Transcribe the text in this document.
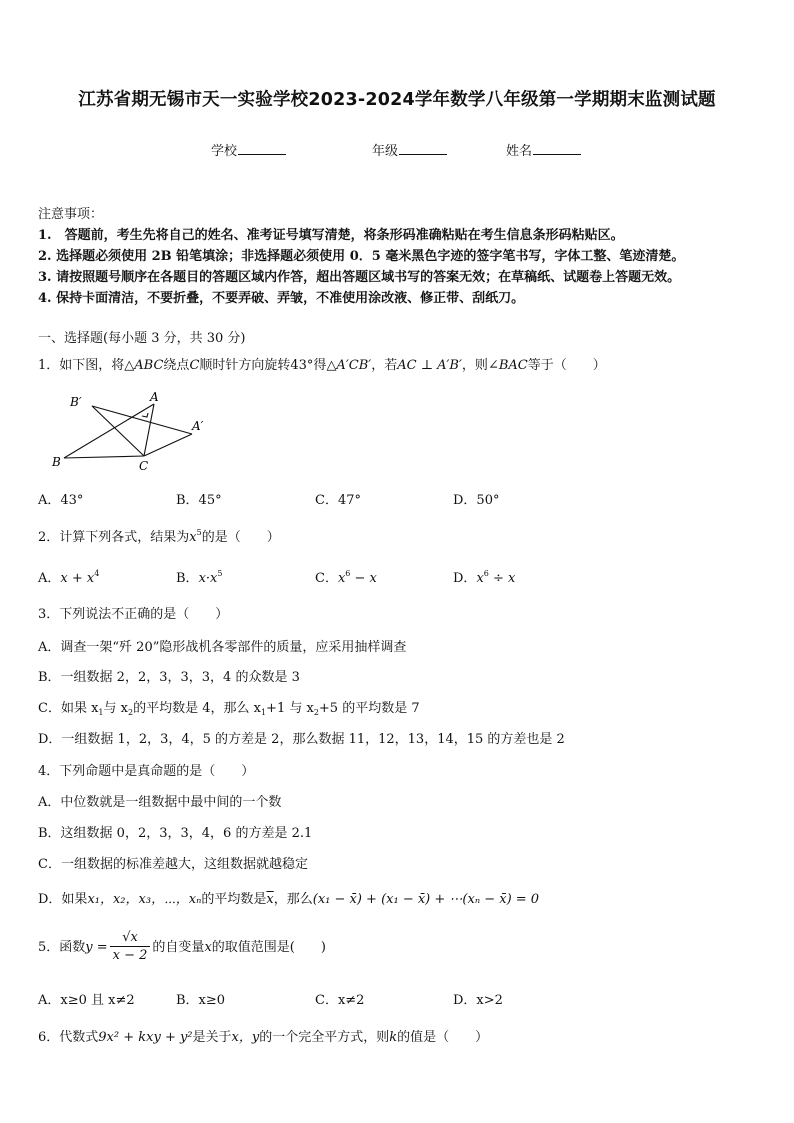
江苏省期无锡市天一实验学校2023-2024学年数学八年级第一学期期末监测试题
学校	年级	姓名
注意事项：
1.　答题前，考生先将自己的姓名、准考证号填写清楚，将条形码准确粘贴在考生信息条形码粘贴区。
2. 选择题必须使用 2B 铅笔填涂；非选择题必须使用 0．5 毫米黑色字迹的签字笔书写，字体工整、笔迹清楚。
3. 请按照题号顺序在各题目的答题区域内作答，超出答题区域书写的答案无效；在草稿纸、试题卷上答题无效。
4. 保持卡面清洁，不要折叠，不要弄破、弄皱，不准使用涂改液、修正带、刮纸刀。
一、选择题(每小题 3 分，共 30 分)
1．如下图，将△ABC绕点C顺时针方向旋转43°得△A′CB′，若AC ⊥ A′B′，则∠BAC等于（　　）
B′	A
A′
B	C
A．43°	B．45°	C．47°	D．50°
2．计算下列各式，结果为$x^5$的是（　　）
A．$x + x^4$	B．$x\cdot x^5$	C．$x^6 - x$	D．$x^6 \div x$
3．下列说法不正确的是（　　）
A．调查一架“歼 20”隐形战机各零部件的质量，应采用抽样调查
B．一组数据 2，2，3，3，3，4 的众数是 3
C．如果 $x_1$与 $x_2$的平均数是 4，那么 $x_1+1$ 与 $x_2+5$ 的平均数是 7
D．一组数据 1，2，3，4，5 的方差是 2，那么数据 11，12，13，14，15 的方差也是 2
4．下列命题中是真命题的是（　　）
A．中位数就是一组数据中最中间的一个数
B．这组数据 0，2，3，3，4，6 的方差是 2.1
C．一组数据的标准差越大，这组数据就越稳定
D．如果x₁，x₂，x₃，⋯，xₙ的平均数是$\overline{x}$，那么(x₁ − x̄) + (x₁ − x̄) + ⋯(xₙ − x̄) = 0
5．函数$y = \frac{√x}{x - 2}$ 的自变量x的取值范围是(　　)
A．x≥0 且 x≠2	B．x≥0	C．x≠2	D．x>2
6．代数式9x² + kxy + y²是关于x，y的一个完全平方式，则k的值是（　　）
